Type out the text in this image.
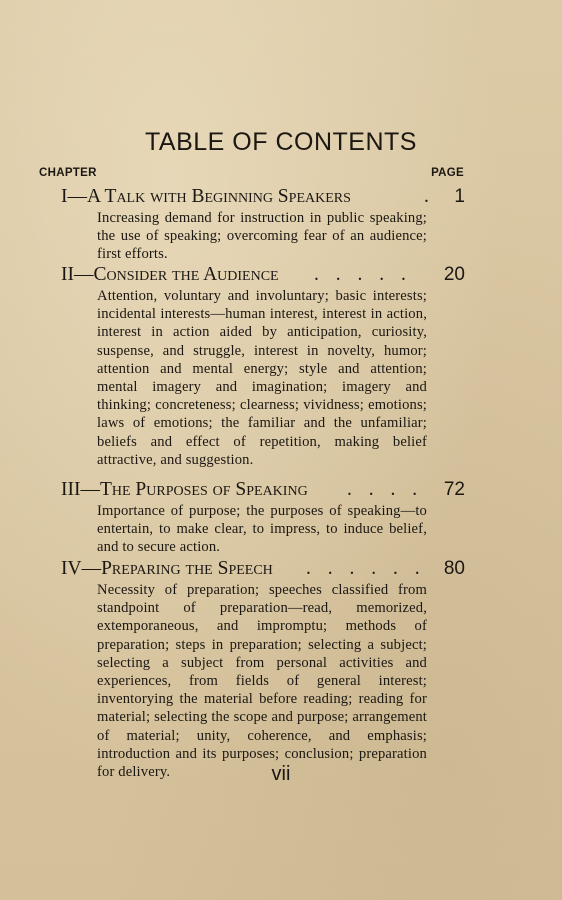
TABLE OF CONTENTS
CHAPTER	PAGE
I—A Talk with Beginning Speakers	. 1

Increasing demand for instruction in public speaking; the use of speaking; overcoming fear of an audience; first efforts.

II—Consider the Audience . . . . . 20

Attention, voluntary and involuntary; basic interests; incidental interests—human interest, interest in action, interest in action aided by anticipation, curiosity, suspense, and struggle, interest in novelty, humor; attention and mental energy; style and attention; mental imagery and imagination; imagery and thinking; concreteness; clearness; vividness; emotions; laws of emotions; the familiar and the unfamiliar; beliefs and effect of repetition, making belief attractive, and suggestion.

III—The Purposes of Speaking . . . . 72

Importance of purpose; the purposes of speaking—to entertain, to make clear, to impress, to induce belief, and to secure action.

IV—Preparing the Speech . . . . . . 80

Necessity of preparation; speeches classified from standpoint of preparation—read, memorized, extemporaneous, and impromptu; methods of preparation; steps in preparation; selecting a subject; selecting a subject from personal activities and experiences, from fields of general interest; inventorying the material before reading; reading for material; selecting the scope and purpose; arrangement of material; unity, coherence, and emphasis; introduction and its purposes; conclusion; preparation for delivery.	vii
